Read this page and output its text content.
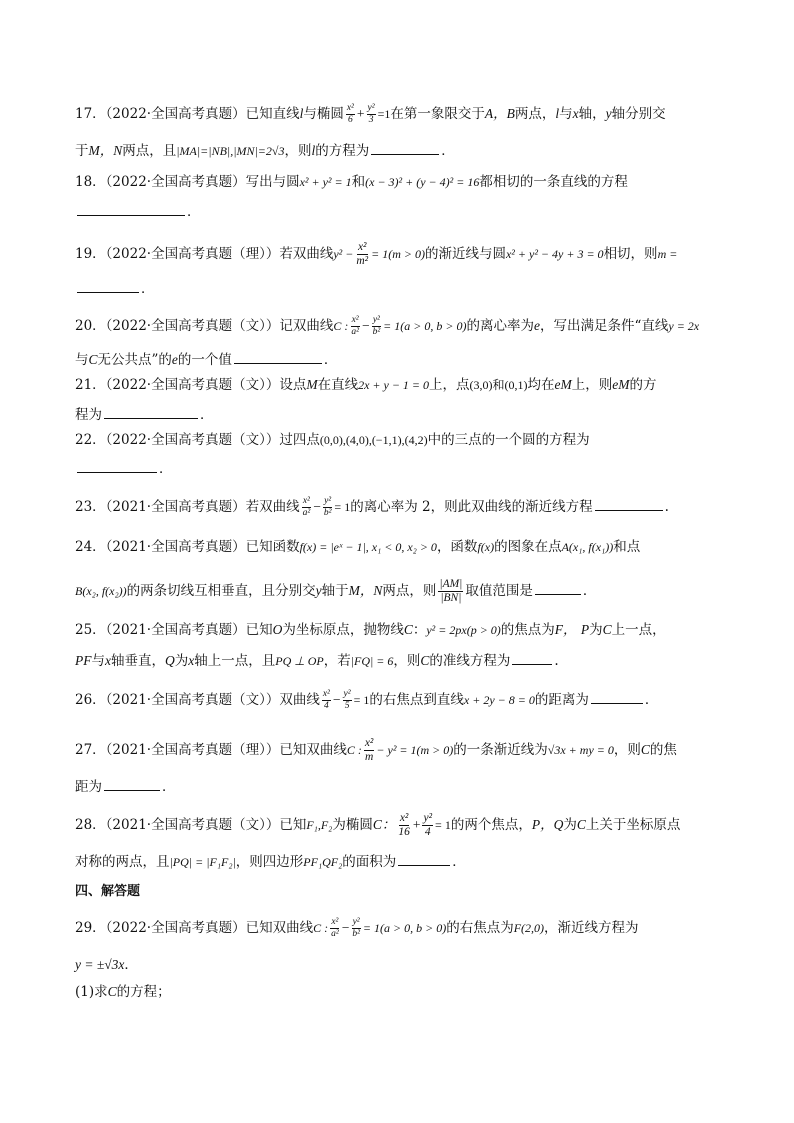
17．（2022·全国高考真题）已知直线l与椭圆 $\frac{\text{x²}}{6} + \frac{\text{y²}}{3} =1$在第一象限交于A，B两点，l与x轴，y轴分别交
于M，N两点，且|MA|=|NB|,|MN|=2√3，则l的方程为	．
18．（2022·全国高考真题）写出与圆x² + y² = 1和(x − 3)² + (y − 4)² = 16都相切的一条直线的方程
．
19．（2022·全国高考真题（理））若双曲线$y^2 - \frac{\text{x²}}{\text{m²}} = 1(m > 0)$的渐近线与圆x² + y² − 4y + 3 = 0相切，则m =
．
20．（2022·全国高考真题（文））记双曲线C : $\frac{\text{x²}}{\text{a²}} - \frac{\text{y²}}{\text{b²}} = 1(a > 0$, b > 0)的离心率为e，写出满足条件“直线y = 2x
与C无公共点”的e的一个值	．
21．（2022·全国高考真题（文））设点M在直线2x + y − 1 = 0上，点(3,0)和(0,1)均在eM上，则eM的方
程为	．
22．（2022·全国高考真题（文））过四点(0,0),(4,0),(−1,1),(4,2)中的三点的一个圆的方程为
．
23．（2021·全国高考真题）若双曲线 $\frac{\text{x²}}{\text{a²}} - \frac{\text{y²}}{\text{b²}} = 1$的离心率为 2，则此双曲线的渐近线方程	.
24．（2021·全国高考真题）已知函数f(x) = |eˣ − 1|, x₁ < 0, x₂ > 0，函数f(x)的图象在点A(x₁, f(x₁))和点
B(x₂, f(x₂))的两条切线互相垂直，且分别交y轴于M，N两点，则 $\frac{|AM|}{|BN|}$ 取值范围是	．
25．（2021·全国高考真题）已知O为坐标原点，抛物线C：y² = 2px(p > 0)的焦点为F， P为C上一点，
PF与x轴垂直，Q为x轴上一点，且PQ ⊥ OP，若|FQ| = 6，则C的准线方程为	.
26．（2021·全国高考真题（文））双曲线 $\frac{\text{x²}}{4} - \frac{\text{y²}}{5} = 1$的右焦点到直线x + 2y − 8 = 0的距离为	．
27．（2021·全国高考真题（理））已知双曲线C : $\frac{\text{x²}}{m} - y^2 = 1(m > 0)$的一条渐近线为√3x + my = 0，则C的焦
距为	．
28．（2021·全国高考真题（文））已知F₁,F₂为椭圆C： $\frac{\text{x²}}{16} + \frac{\text{y²}}{4} = 1$的两个焦点，P，Q为C上关于坐标原点
对称的两点，且|PQ| = |F₁F₂|，则四边形PF₁QF₂的面积为	．
四、解答题
29．（2022·全国高考真题）已知双曲线C : $\frac{\text{x²}}{\text{a²}} - \frac{\text{y²}}{\text{b²}} = 1(a > 0$, b > 0)的右焦点为F(2,0)，渐近线方程为
y = ±√3x．
(1)求C的方程；
